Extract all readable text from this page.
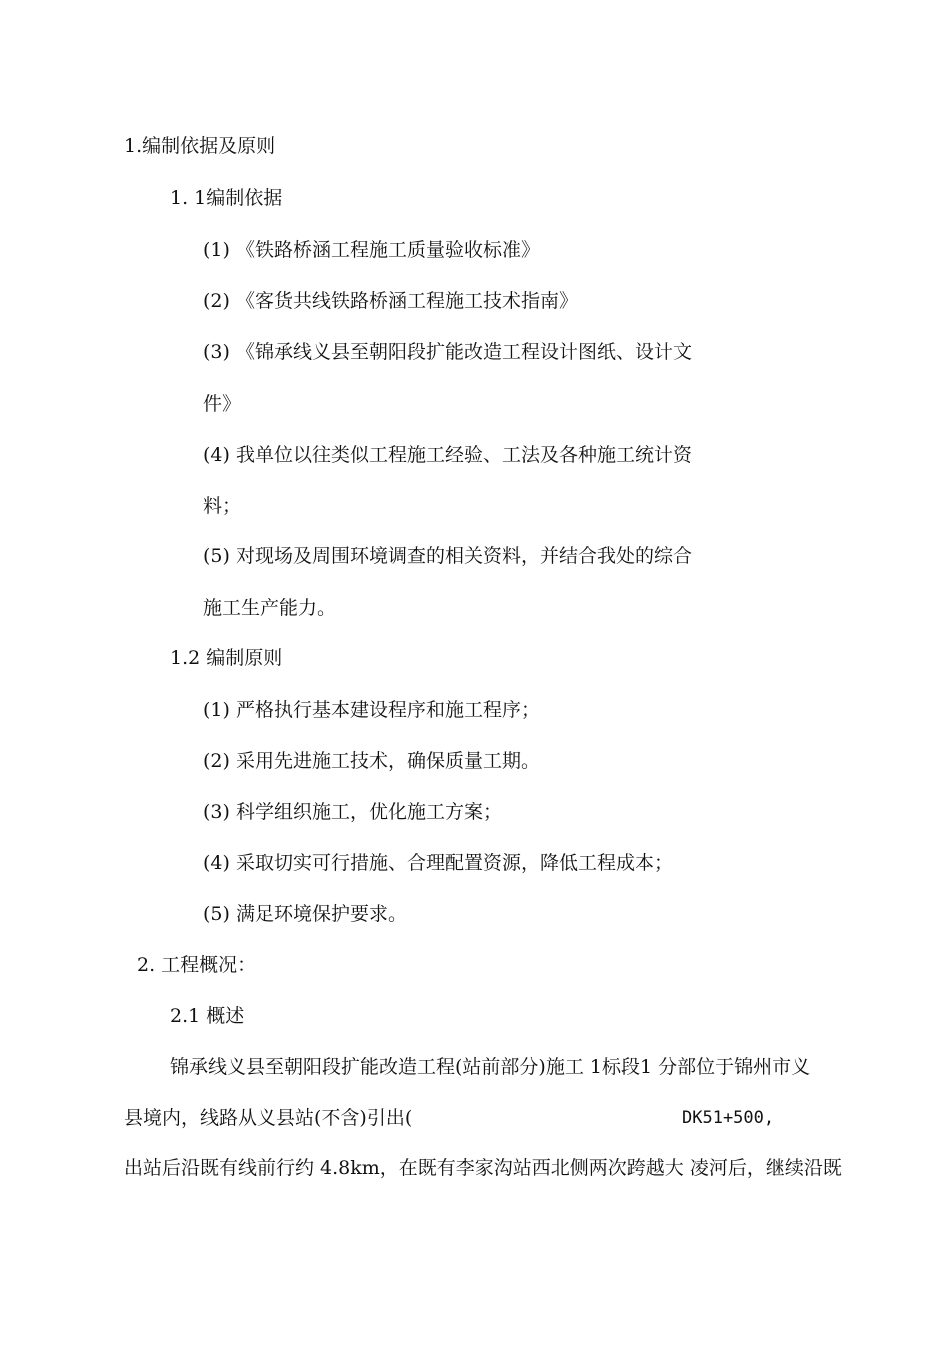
1.编制依据及原则
1. 1编制依据
(1) 《铁路桥涵工程施工质量验收标准》
(2) 《客货共线铁路桥涵工程施工技术指南》
(3) 《锦承线义县至朝阳段扩能改造工程设计图纸、设计文
件》
(4) 我单位以往类似工程施工经验、工法及各种施工统计资
料；
(5) 对现场及周围环境调查的相关资料，并结合我处的综合
施工生产能力。
1.2 编制原则
(1) 严格执行基本建设程序和施工程序；
(2) 采用先进施工技术，确保质量工期。
(3) 科学组织施工，优化施工方案；
(4) 采取切实可行措施、合理配置资源，降低工程成本；
(5) 满足环境保护要求。
2. 工程概况：
2.1 概述
锦承线义县至朝阳段扩能改造工程(站前部分)施工 1标段1 分部位于锦州市义
县境内，线路从义县站(不含)引出(	DK51+500,
出站后沿既有线前行约 4.8km，在既有李家沟站西北侧两次跨越大 凌河后，继续沿既
